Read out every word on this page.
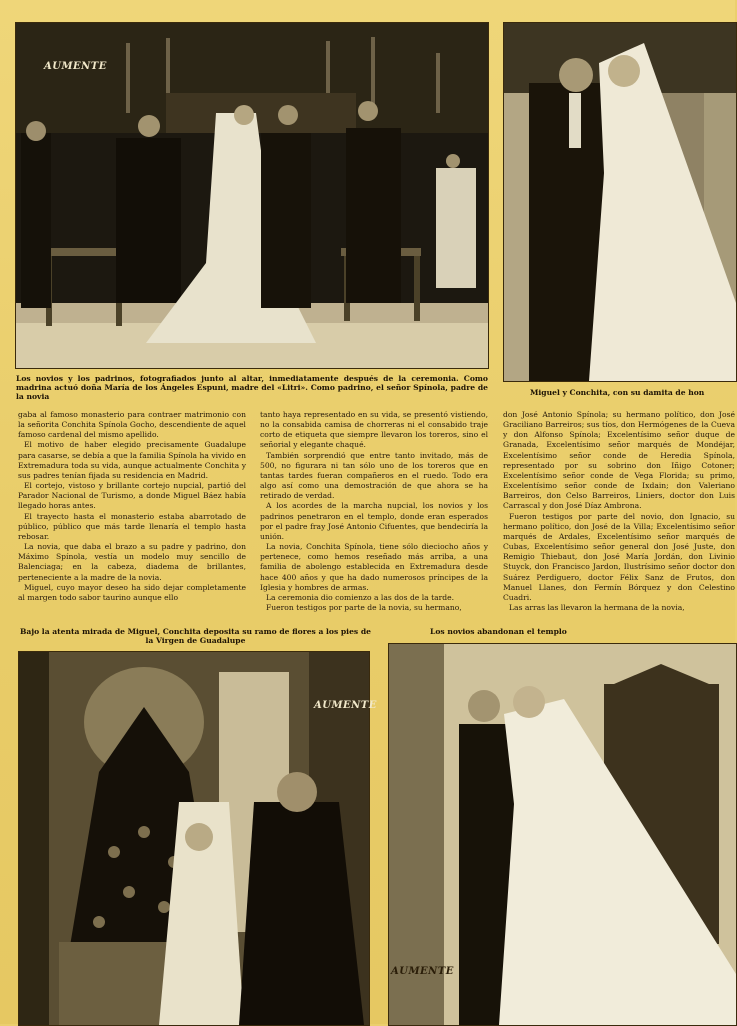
AUMENTE
Los novios y los padrinos, fotografiados junto al altar, inmediatamente después de la ceremonia. Como madrina actuó doña María de los Ángeles Espuni, madre del «Litri». Como padrino, el señor Spínola, padre de la novia	Miguel y Conchita, con su damita de hon

gaba al famoso monasterio para contraer matrimonio con la señorita Conchita Spínola Gocho, descendiente de aquel famoso cardenal del mismo apellido.

El motivo de haber elegido precisamente Guadalupe para casarse, se debía a que la familia Spínola ha vivido en Extremadura toda su vida, aunque actualmente Conchita y sus padres tenían fijada su residencia en Madrid.

El cortejo, vistoso y brillante cortejo nupcial, partió del Parador Nacional de Turismo, a donde Miguel Báez había llegado horas antes.

El trayecto hasta el monasterio estaba abarrotado de público, público que más tarde llenaría el templo hasta rebosar.

La novia, que daba el brazo a su padre y padrino, don Máximo Spínola, vestía un modelo muy sencillo de Balenciaga; en la cabeza, diadema de brillantes, perteneciente a la madre de la novia.

Miguel, cuyo mayor deseo ha sido dejar completamente al margen todo sabor taurino aunque ello

tanto haya representado en su vida, se presentó vistiendo, no la consabida camisa de chorreras ni el consabido traje corto de etiqueta que siempre llevaron los toreros, sino el señorial y elegante chaqué.

También sorprendió que entre tanto invitado, más de 500, no figurara ni tan sólo uno de los toreros que en tantas tardes fueran compañeros en el ruedo. Todo era algo así como una demostración de que ahora se ha retirado de verdad.

A los acordes de la marcha nupcial, los novios y los padrinos penetraron en el templo, donde eran esperados por el padre fray José Antonio Cifuentes, que bendeciría la unión.

La novia, Conchita Spínola, tiene sólo dieciocho años y pertenece, como hemos reseñado más arriba, a una familia de abolengo establecida en Extremadura desde hace 400 años y que ha dado numerosos príncipes de la Iglesia y hombres de armas.

La ceremonia dio comienzo a las dos de la tarde.

Fueron testigos por parte de la novia, su hermano,

don José Antonio Spínola; su hermano político, don José Graciliano Barreiros; sus tíos, don Hermógenes de la Cueva y don Alfonso Spínola; Excelentísimo señor duque de Granada, Excelentísimo señor marqués de Mondéjar, Excelentísimo señor conde de Heredia Spínola, representado por su sobrino don Iñigo Cotoner; Excelentísimo señor conde de Vega Florida; su primo, Excelentísimo señor conde de Ixdain; don Valeriano Barreiros, don Celso Barreiros, Liniers, doctor don Luis Carrascal y don José Díaz Ambrona.

Fueron testigos por parte del novio, don Ignacio, su hermano político, don José de la Villa; Excelentísimo señor marqués de Ardales, Excelentísimo señor marqués de Cubas, Excelentísimo señor general don José Juste, don Remigio Thiebaut, don José María Jordán, don Livinio Stuyck, don Francisco Jardon, Ilustrísimo señor doctor don Suárez Perdiguero, doctor Félix Sanz de Frutos, don Manuel Llanes, don Fermín Bórquez y don Celestino Cuadri.

Las arras las llevaron la hermana de la novia,

Bajo la atenta mirada de Miguel, Conchita deposita su ramo de flores a los pies de la Virgen de Guadalupe
Los novios abandonan el templo
AUMENTE
AUMENTE
